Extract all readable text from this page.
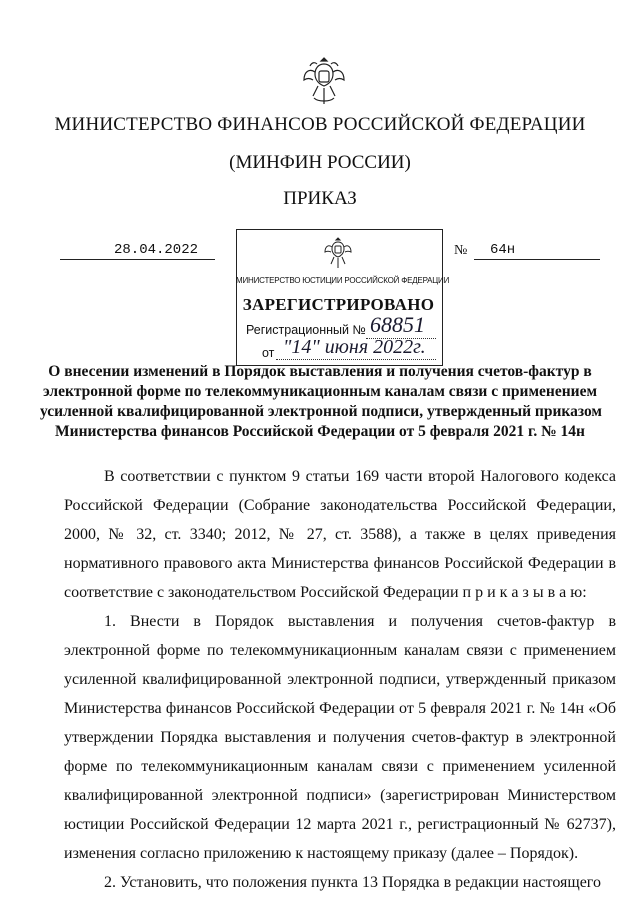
МИНИСТЕРСТВО ФИНАНСОВ РОССИЙСКОЙ ФЕДЕРАЦИИ
(МИНФИН РОССИИ)
ПРИКАЗ
28.04.2022	№ 64н
МИНИСТЕРСТВО ЮСТИЦИИ РОССИЙСКОЙ ФЕДЕРАЦИИ
ЗАРЕГИСТРИРОВАНО
Регистрационный № 68851
от "14" июня 2022г.
О внесении изменений в Порядок выставления и получения счетов-фактур в
электронной форме по телекоммуникационным каналам связи с применением
усиленной квалифицированной электронной подписи, утвержденный приказом
Министерства финансов Российской Федерации от 5 февраля 2021 г. № 14н

В соответствии с пунктом 9 статьи 169 части второй Налогового кодекса Российской Федерации (Собрание законодательства Российской Федерации, 2000, № 32, ст. 3340; 2012, № 27, ст. 3588), а также в целях приведения нормативного правового акта Министерства финансов Российской Федерации в соответствие с законодательством Российской Федерации п р и к а з ы в а ю:

1. Внести в Порядок выставления и получения счетов-фактур в электронной форме по телекоммуникационным каналам связи с применением усиленной квалифицированной электронной подписи, утвержденный приказом Министерства финансов Российской Федерации от 5 февраля 2021 г. № 14н «Об утверждении Порядка выставления и получения счетов-фактур в электронной форме по телекоммуникационным каналам связи с применением усиленной квалифицированной электронной подписи» (зарегистрирован Министерством юстиции Российской Федерации 12 марта 2021 г., регистрационный № 62737), изменения согласно приложению к настоящему приказу (далее – Порядок).

2. Установить, что положения пункта 13 Порядка в редакции настоящего
